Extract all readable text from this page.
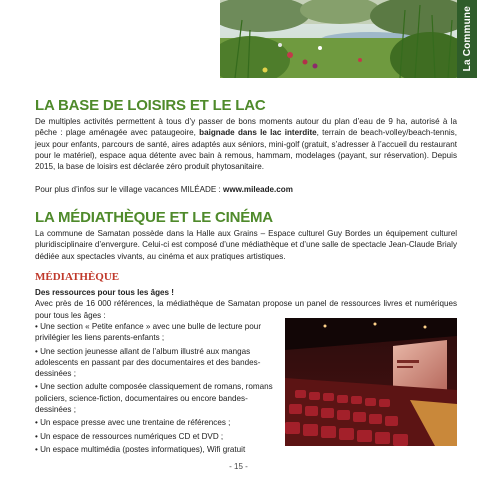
La Commune
LA BASE DE LOISIRS ET LE LAC

De multiples activités permettent à tous d’y passer de bons moments autour du plan d’eau de 9 ha, autorisé à la pêche : plage aménagée avec pataugeoire, baignade dans le lac interdite, terrain de beach-volley/beach-tennis, jeux pour enfants, parcours de santé, aires adaptés aux séniors, mini-golf (gratuit, s’adresser à l’accueil du restaurant pour le matériel), espace aqua détente avec bain à remous, hammam, modelages (payant, sur réservation). Depuis 2015, la base de loisirs est déclarée zéro produit phytosanitaire.

Pour plus d’infos sur le village vacances MILÉADE : www.mileade.com

LA MÉDIATHÈQUE ET LE CINÉMA

La commune de Samatan possède dans la Halle aux Grains – Espace culturel Guy Bordes un équipement culturel pluridisciplinaire d’envergure. Celui-ci est composé d’une médiathèque et d’une salle de spectacle Jean-Claude Brialy dédiée aux spectacles vivants, au cinéma et aux pratiques artistiques.

MÉDIATHÈQUE

Des ressources pour tous les âges !
Avec près de 16 000 références, la médiathèque de Samatan propose un panel de ressources livres et numériques pour tous les âges :

• Une section « Petite enfance » avec une bulle de lecture pour privilégier les liens parents-enfants ;
• Une section jeunesse allant de l’album illustré aux mangas adolescents en passant par des documentaires et des bandes-dessinées ;
• Une section adulte composée classiquement de romans, romans policiers, science-fiction, documentaires ou encore bandes-dessinées ;
• Un espace presse avec une trentaine de références ;
• Un espace de ressources numériques CD et DVD ;
• Un espace multimédia (postes informatiques), Wifi gratuit
- 15 -
